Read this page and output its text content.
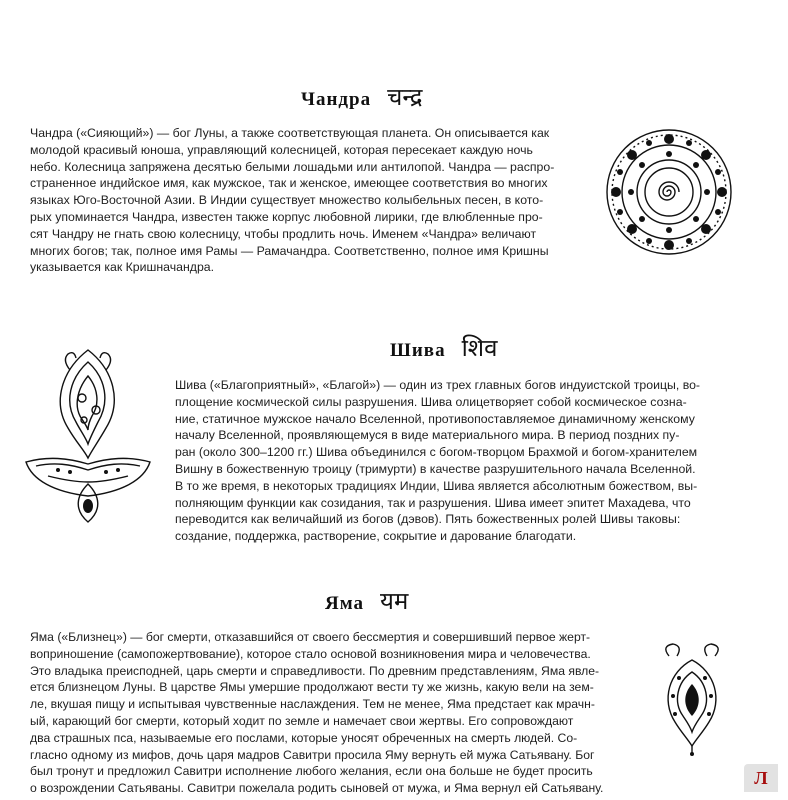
Чандра चन्द्र
Чандра («Сияющий») — бог Луны, а также соответствующая планета. Он описывается как
молодой красивый юноша, управляющий колесницей, которая пересекает каждую ночь
небо. Колесница запряжена десятью белыми лошадьми или антилопой. Чандра — распро-
страненное индийское имя, как мужское, так и женское, имеющее соответствия во многих
языках Юго-Восточной Азии. В Индии существует множество колыбельных песен, в кото-
рых упоминается Чандра, известен также корпус любовной лирики, где влюбленные про-
сят Чандру не гнать свою колесницу, чтобы продлить ночь. Именем «Чандра» величают
многих богов; так, полное имя Рамы — Рамачандра. Соответственно, полное имя Кришны
указывается как Кришначандра.
Шива शिव
Шива («Благоприятный», «Благой») — один из трех главных богов индуистской троицы, во-
площение космической силы разрушения. Шива олицетворяет собой космическое созна-
ние, статичное мужское начало Вселенной, противопоставляемое динамичному женскому
началу Вселенной, проявляющемуся в виде материального мира. В период поздних пу-
ран (около 300–1200 гг.) Шива объединился с богом-творцом Брахмой и богом-хранителем
Вишну в божественную троицу (тримурти) в качестве разрушительного начала Вселенной.
В то же время, в некоторых традициях Индии, Шива является абсолютным божеством, вы-
полняющим функции как созидания, так и разрушения. Шива имеет эпитет Махадева, что
переводится как величайший из богов (дэвов). Пять божественных ролей Шивы таковы:
создание, поддержка, растворение, сокрытие и дарование благодати.
Яма यम
Яма («Близнец») — бог смерти, отказавшийся от своего бессмертия и совершивший первое жерт-
воприношение (самопожертвование), которое стало основой возникновения мира и человечества.
Это владыка преисподней, царь смерти и справедливости. По древним представлениям, Яма явле-
ется близнецом Луны. В царстве Ямы умершие продолжают вести ту же жизнь, какую вели на зем-
ле, вкушая пищу и испытывая чувственные наслаждения. Тем не менее, Яма предстает как мрачн-
ый, карающий бог смерти, который ходит по земле и намечает свои жертвы. Его сопровождают
два страшных пса, называемые его послами, которые уносят обреченных на смерть людей. Со-
гласно одному из мифов, дочь царя мадров Савитри просила Яму вернуть ей мужа Сатьявану. Бог
был тронут и предложил Савитри исполнение любого желания, если она больше не будет просить
о возрождении Сатьяваны. Савитри пожелала родить сыновей от мужа, и Яма вернул ей Сатьявану.
Л
